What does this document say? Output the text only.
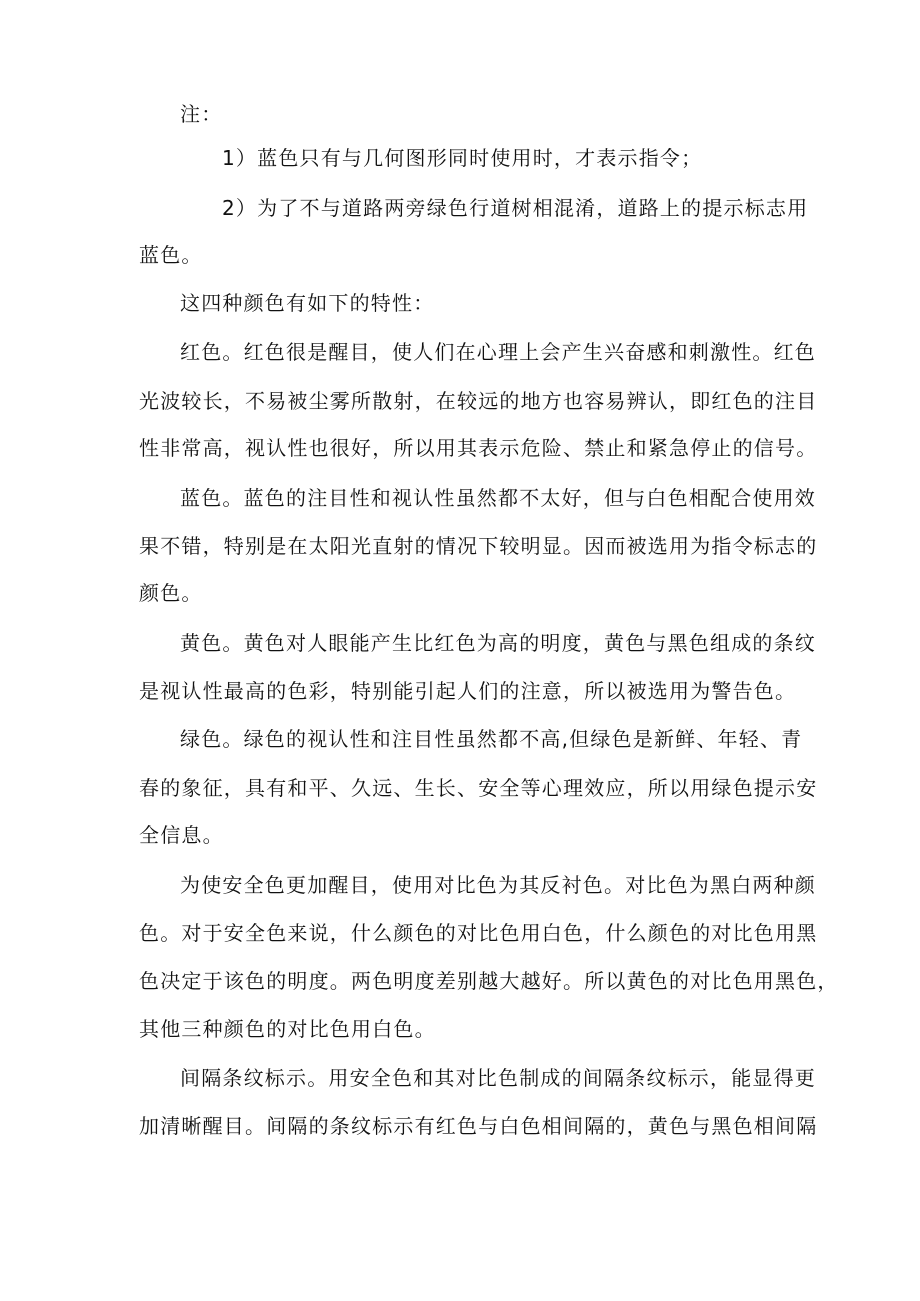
注：
1）蓝色只有与几何图形同时使用时，才表示指令；
2）为了不与道路两旁绿色行道树相混淆，道路上的提示标志用
蓝色。
这四种颜色有如下的特性：
红色。红色很是醒目，使人们在心理上会产生兴奋感和刺激性。红色
光波较长，不易被尘雾所散射，在较远的地方也容易辨认，即红色的注目
性非常高，视认性也很好，所以用其表示危险、禁止和紧急停止的信号。
蓝色。蓝色的注目性和视认性虽然都不太好，但与白色相配合使用效
果不错，特别是在太阳光直射的情况下较明显。因而被选用为指令标志的
颜色。
黄色。黄色对人眼能产生比红色为高的明度，黄色与黑色组成的条纹
是视认性最高的色彩，特别能引起人们的注意，所以被选用为警告色。
绿色。绿色的视认性和注目性虽然都不高,但绿色是新鲜、年轻、青
春的象征，具有和平、久远、生长、安全等心理效应，所以用绿色提示安
全信息。
为使安全色更加醒目，使用对比色为其反衬色。对比色为黑白两种颜
色。对于安全色来说，什么颜色的对比色用白色，什么颜色的对比色用黑
色决定于该色的明度。两色明度差别越大越好。所以黄色的对比色用黑色，
其他三种颜色的对比色用白色。
间隔条纹标示。用安全色和其对比色制成的间隔条纹标示，能显得更
加清晰醒目。间隔的条纹标示有红色与白色相间隔的，黄色与黑色相间隔
